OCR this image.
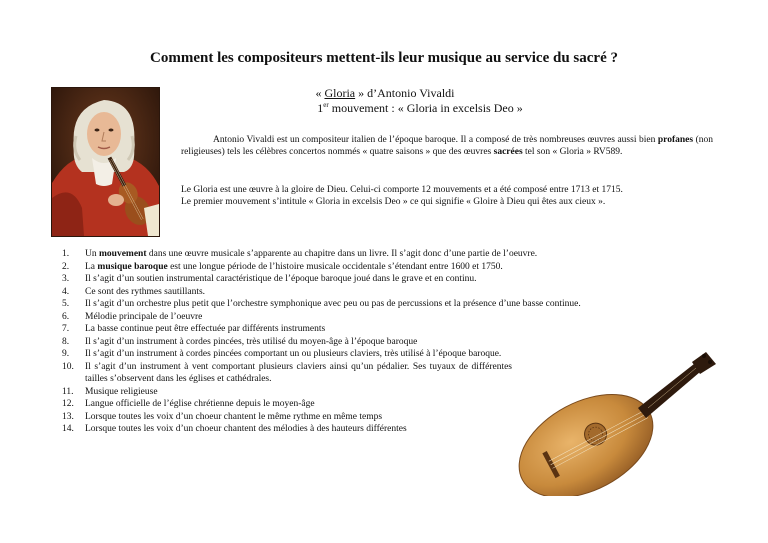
Comment les compositeurs mettent-ils leur musique au service du sacré ?
« Gloria » d’Antonio Vivaldi
1er mouvement : « Gloria in excelsis Deo »
Antonio Vivaldi est un compositeur italien de l’époque baroque. Il a composé de très nombreuses œuvres aussi bien profanes (non religieuses) tels les célèbres concertos nommés « quatre saisons » que des œuvres sacrées tel son « Gloria » RV589.
Le Gloria est une œuvre à la gloire de Dieu. Celui-ci comporte 12 mouvements et a été composé entre 1713 et 1715.
Le premier mouvement s’intitule « Gloria in excelsis Deo » ce qui signifie « Gloire à Dieu qui êtes aux cieux ».
1.	Un mouvement dans une œuvre musicale s’apparente au chapitre dans un livre. Il s’agit donc d’une partie de l’oeuvre.
2.	La musique baroque est une longue période de l’histoire musicale occidentale s’étendant entre 1600 et 1750.
3.	Il s’agit d’un soutien instrumental caractéristique de l’époque baroque joué dans le grave et en continu.
4.	Ce sont des rythmes sautillants.
5.	Il s’agit d’un orchestre plus petit que l’orchestre symphonique avec peu ou pas de percussions et la présence d’une basse continue.
6.	Mélodie principale de l’oeuvre
7.	La basse continue peut être effectuée par différents instruments
8.	Il s’agit d’un instrument à cordes pincées, très utilisé du moyen-âge à l’époque baroque
9.	Il s’agit d’un instrument à cordes pincées comportant un ou plusieurs claviers, très utilisé à l’époque baroque.
10.	Il s’agit d’un instrument à vent comportant plusieurs claviers ainsi qu’un pédalier. Ses tuyaux de différentes tailles s’observent dans les églises et cathédrales.
11.	Musique religieuse
12.	Langue officielle de l’église chrétienne depuis le moyen-âge
13.	Lorsque toutes les voix d’un choeur chantent le même rythme en même temps
14.	Lorsque toutes les voix d’un choeur chantent des mélodies à des hauteurs différentes
